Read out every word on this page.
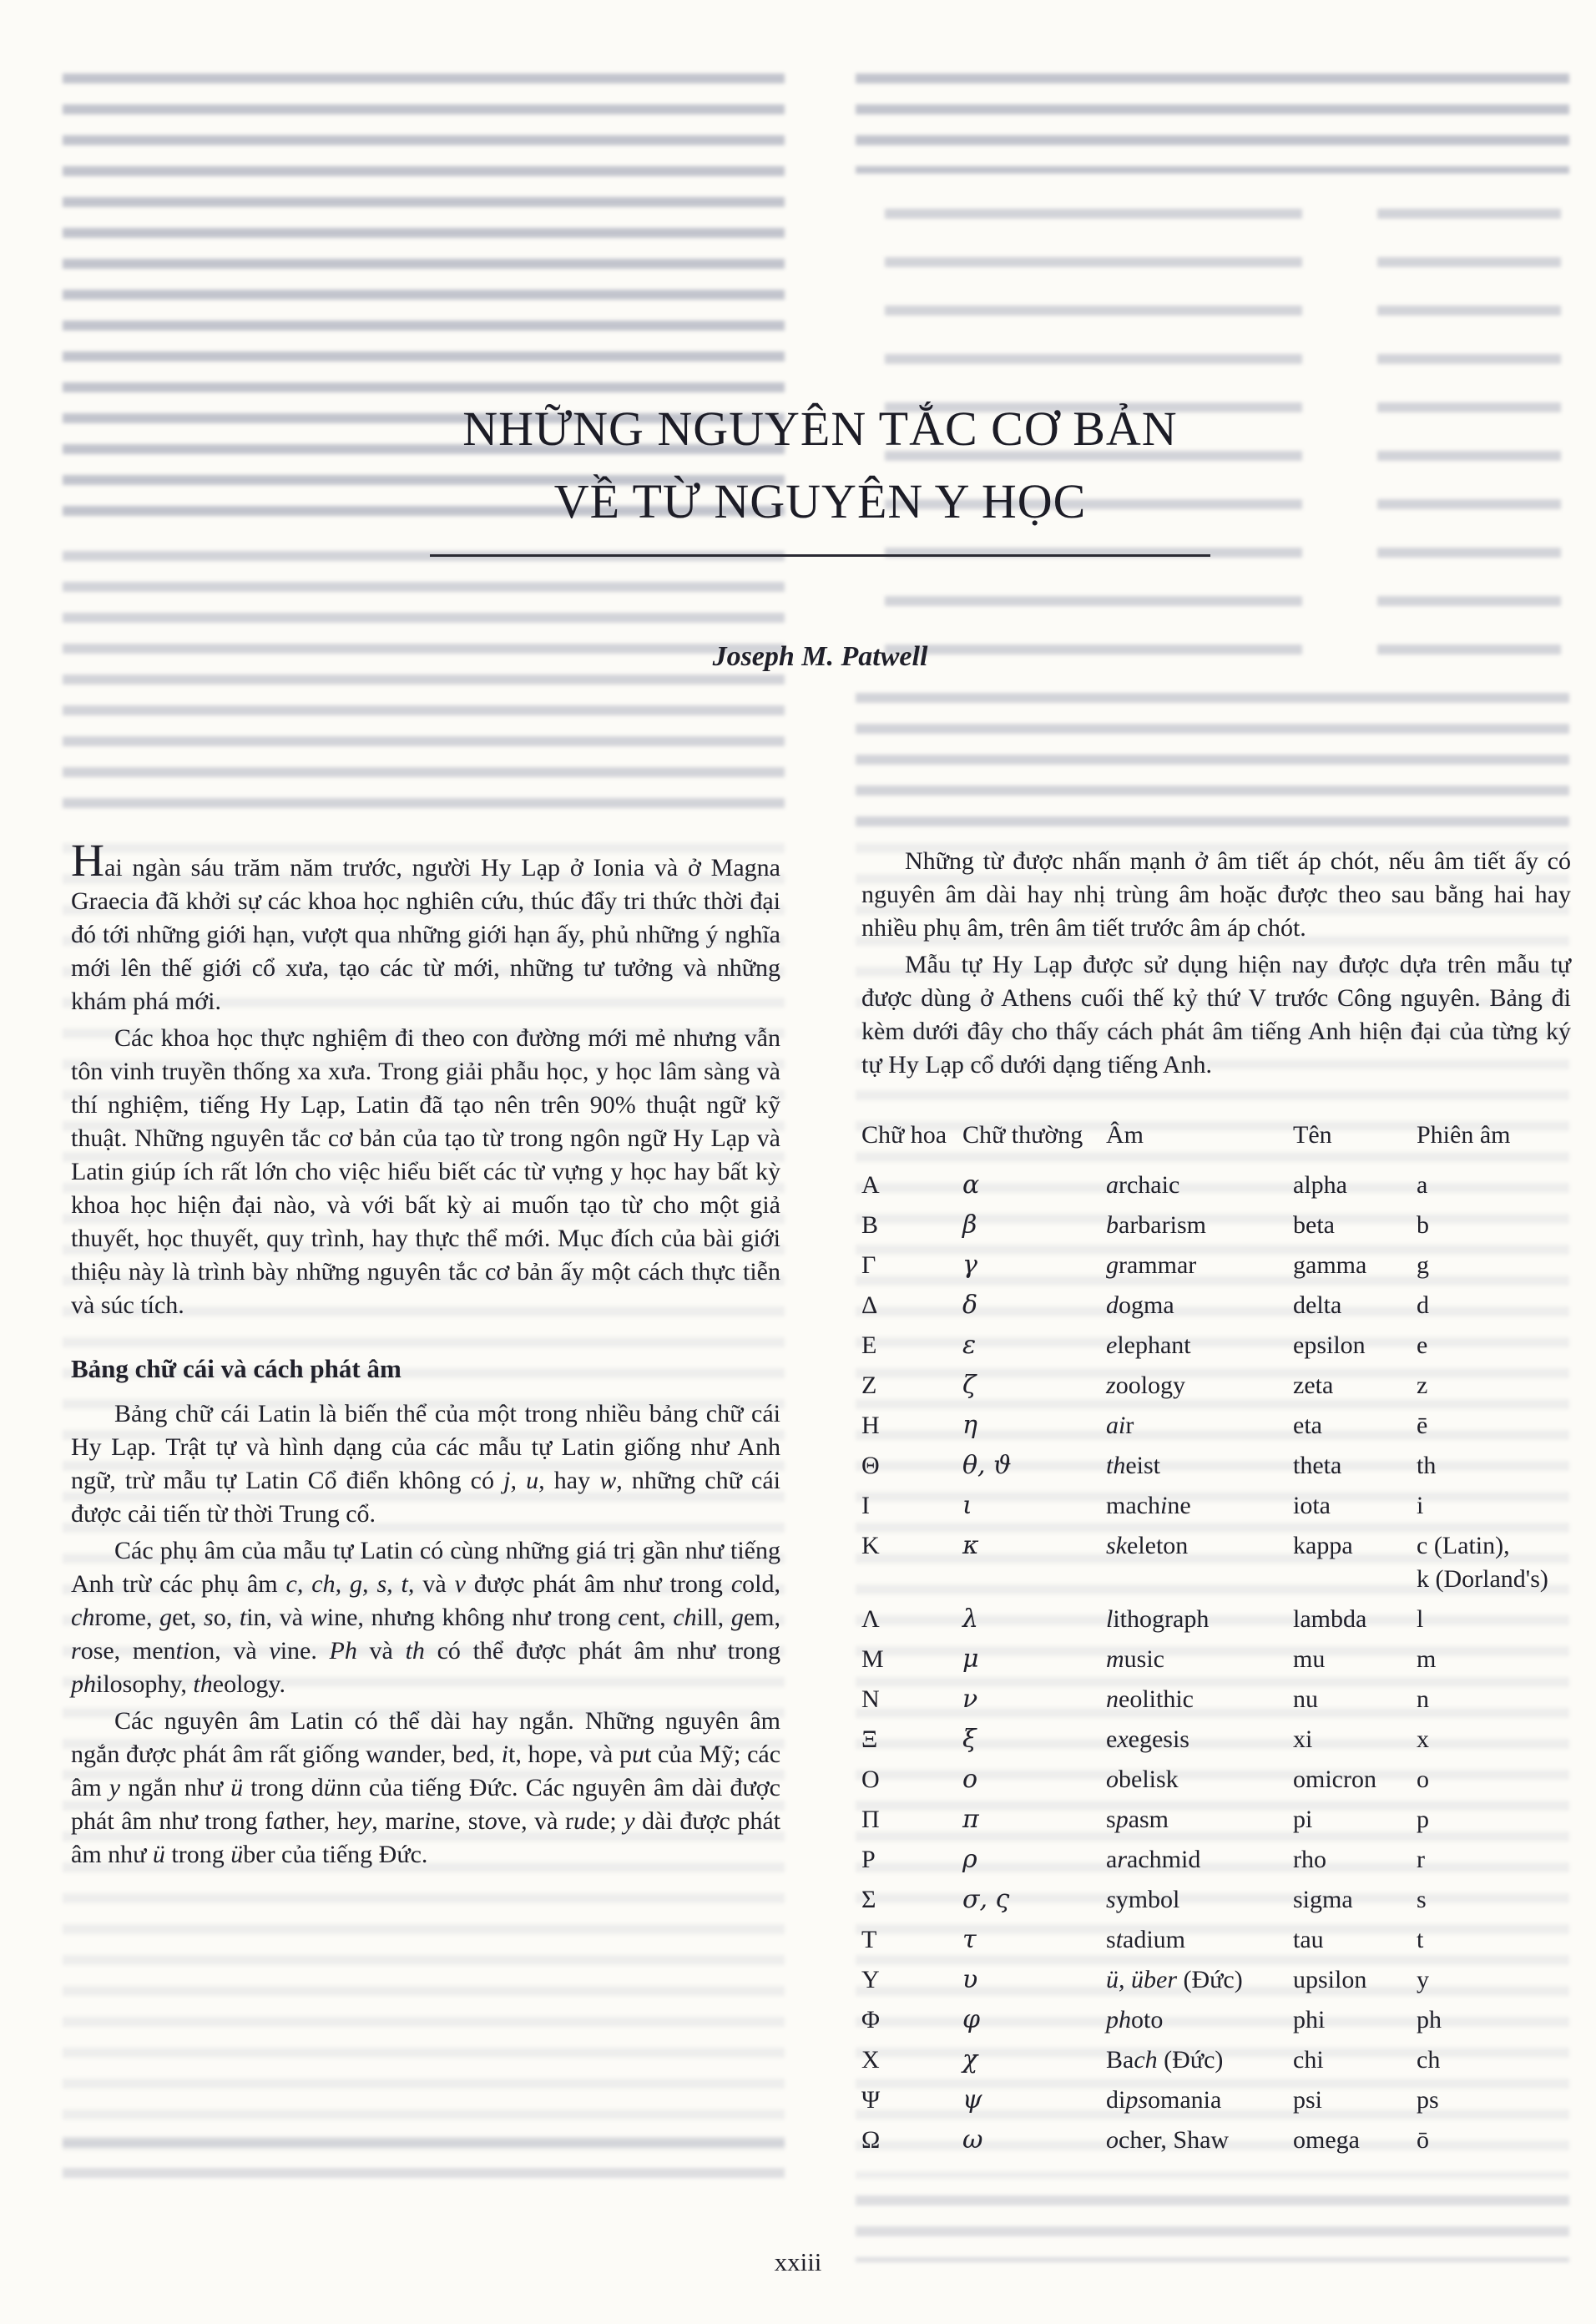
NHỮNG NGUYÊN TẮC CƠ BẢN
VỀ TỪ NGUYÊN Y HỌC
Joseph M. Patwell

Hai ngàn sáu trăm năm trước, người Hy Lạp ở Ionia và ở Magna Graecia đã khởi sự các khoa học nghiên cứu, thúc đẩy tri thức thời đại đó tới những giới hạn, vượt qua những giới hạn ấy, phủ những ý nghĩa mới lên thế giới cổ xưa, tạo các từ mới, những tư tưởng và những khám phá mới.

Các khoa học thực nghiệm đi theo con đường mới mẻ nhưng vẫn tôn vinh truyền thống xa xưa. Trong giải phẫu học, y học lâm sàng và thí nghiệm, tiếng Hy Lạp, Latin đã tạo nên trên 90% thuật ngữ kỹ thuật. Những nguyên tắc cơ bản của tạo từ trong ngôn ngữ Hy Lạp và Latin giúp ích rất lớn cho việc hiểu biết các từ vựng y học hay bất kỳ khoa học hiện đại nào, và với bất kỳ ai muốn tạo từ cho một giả thuyết, học thuyết, quy trình, hay thực thể mới. Mục đích của bài giới thiệu này là trình bày những nguyên tắc cơ bản ấy một cách thực tiễn và súc tích.

Bảng chữ cái và cách phát âm

Bảng chữ cái Latin là biến thể của một trong nhiều bảng chữ cái Hy Lạp. Trật tự và hình dạng của các mẫu tự Latin giống như Anh ngữ, trừ mẫu tự Latin Cổ điển không có j, u, hay w, những chữ cái được cải tiến từ thời Trung cổ.

Các phụ âm của mẫu tự Latin có cùng những giá trị gần như tiếng Anh trừ các phụ âm c, ch, g, s, t, và v được phát âm như trong cold, chrome, get, so, tin, và wine, nhưng không như trong cent, chill, gem, rose, mention, và vine. Ph và th có thể được phát âm như trong philosophy, theology.

Các nguyên âm Latin có thể dài hay ngắn. Những nguyên âm ngắn được phát âm rất giống wander, bed, it, hope, và put của Mỹ; các âm y ngắn như ü trong dünn của tiếng Đức. Các nguyên âm dài được phát âm như trong father, hey, marine, stove, và rude; y dài được phát âm như ü trong über của tiếng Đức.

Những từ được nhấn mạnh ở âm tiết áp chót, nếu âm tiết ấy có nguyên âm dài hay nhị trùng âm hoặc được theo sau bằng hai hay nhiều phụ âm, trên âm tiết trước âm áp chót.

Mẫu tự Hy Lạp được sử dụng hiện nay được dựa trên mẫu tự được dùng ở Athens cuối thế kỷ thứ V trước Công nguyên. Bảng đi kèm dưới đây cho thấy cách phát âm tiếng Anh hiện đại của từng ký tự Hy Lạp cổ dưới dạng tiếng Anh.

Chữ hoa	Chữ thường	Âm	Tên	Phiên âm
Α	α	archaic	alpha	a
Β	β	barbarism	beta	b
Γ	γ	grammar	gamma	g
Δ	δ	dogma	delta	d
Ε	ε	elephant	epsilon	e
Ζ	ζ	zoology	zeta	z
Η	η	air	eta	ē
Θ	θ, ϑ	theist	theta	th
Ι	ι	machine	iota	i
Κ	κ	skeleton	kappa	c (Latin),
k (Dorland's)
Λ	λ	lithograph	lambda	l
Μ	μ	music	mu	m
Ν	ν	neolithic	nu	n
Ξ	ξ	exegesis	xi	x
Ο	ο	obelisk	omicron	o
Π	π	spasm	pi	p
Ρ	ρ	arachmid	rho	r
Σ	σ, ς	symbol	sigma	s
Τ	τ	stadium	tau	t
Υ	υ	ü, über (Đức)	upsilon	y
Φ	φ	photo	phi	ph
Χ	χ	Bach (Đức)	chi	ch
Ψ	ψ	dipsomania	psi	ps
Ω	ω	ocher, Shaw	omega	ō
xxiii
